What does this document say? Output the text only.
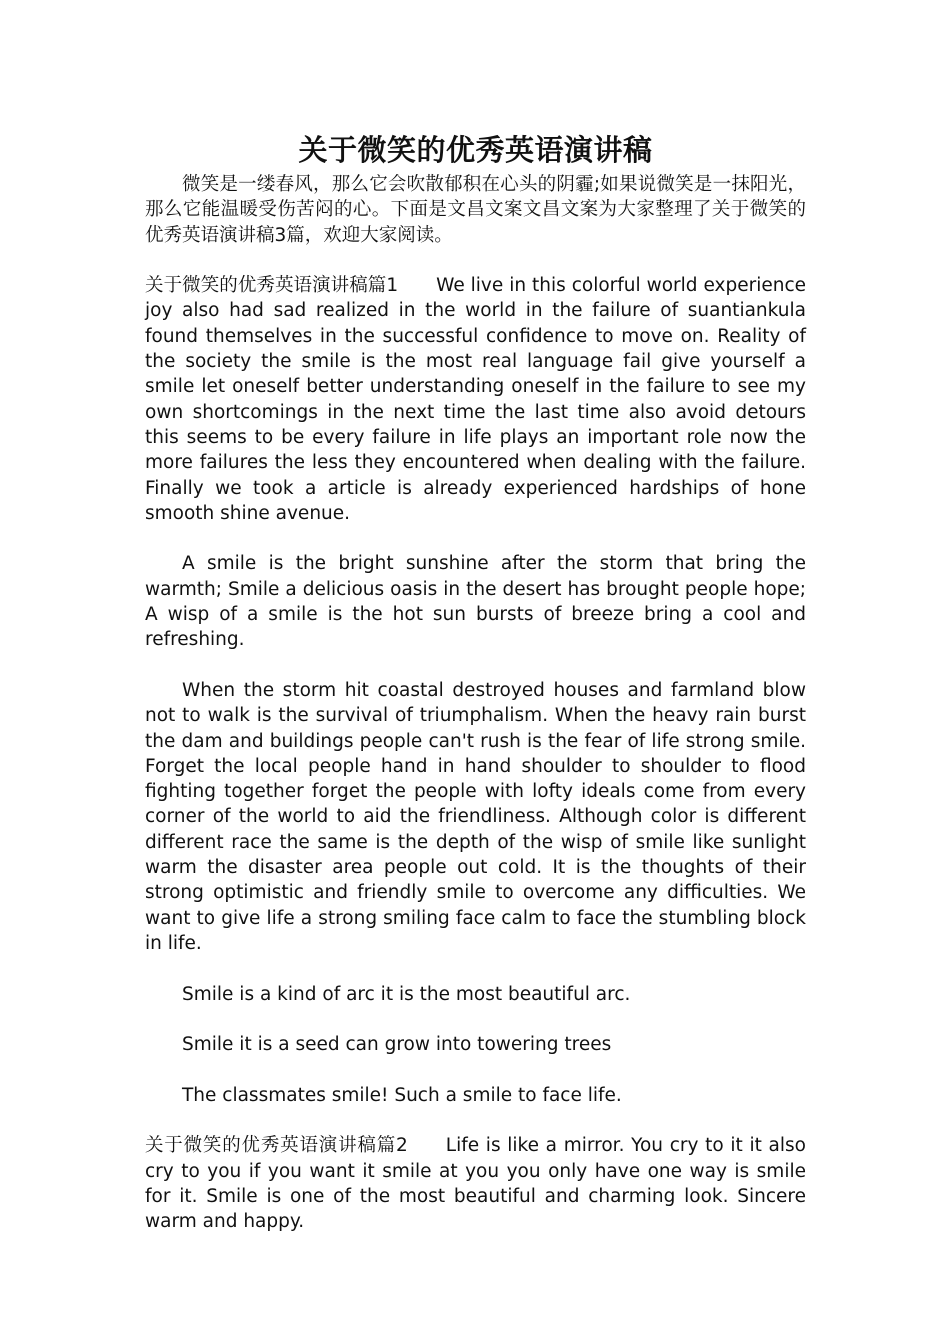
关于微笑的优秀英语演讲稿

微笑是一缕春风，那么它会吹散郁积在心头的阴霾;如果说微笑是一抹阳光，那么它能温暖受伤苦闷的心。下面是文昌文案文昌文案为大家整理了关于微笑的优秀英语演讲稿3篇，欢迎大家阅读。

关于微笑的优秀英语演讲稿篇1 We live in this colorful world experience joy also had sad realized in the world in the failure of suantiankula found themselves in the successful confidence to move on. Reality of the society the smile is the most real language fail give yourself a smile let oneself better understanding oneself in the failure to see my own shortcomings in the next time the last time also avoid detours this seems to be every failure in life plays an important role now the more failures the less they encountered when dealing with the failure. Finally we took a article is already experienced hardships of hone smooth shine avenue.

A smile is the bright sunshine after the storm that bring the warmth; Smile a delicious oasis in the desert has brought people hope; A wisp of a smile is the hot sun bursts of breeze bring a cool and refreshing.

When the storm hit coastal destroyed houses and farmland blow not to walk is the survival of triumphalism. When the heavy rain burst the dam and buildings people can't rush is the fear of life strong smile. Forget the local people hand in hand shoulder to shoulder to flood fighting together forget the people with lofty ideals come from every corner of the world to aid the friendliness. Although color is different different race the same is the depth of the wisp of smile like sunlight warm the disaster area people out cold. It is the thoughts of their strong optimistic and friendly smile to overcome any difficulties. We want to give life a strong smiling face calm to face the stumbling block in life.

Smile is a kind of arc it is the most beautiful arc.

Smile it is a seed can grow into towering trees

The classmates smile! Such a smile to face life.

关于微笑的优秀英语演讲稿篇2 Life is like a mirror. You cry to it it also cry to you if you want it smile at you you only have one way is smile for it. Smile is one of the most beautiful and charming look. Sincere warm and happy.
